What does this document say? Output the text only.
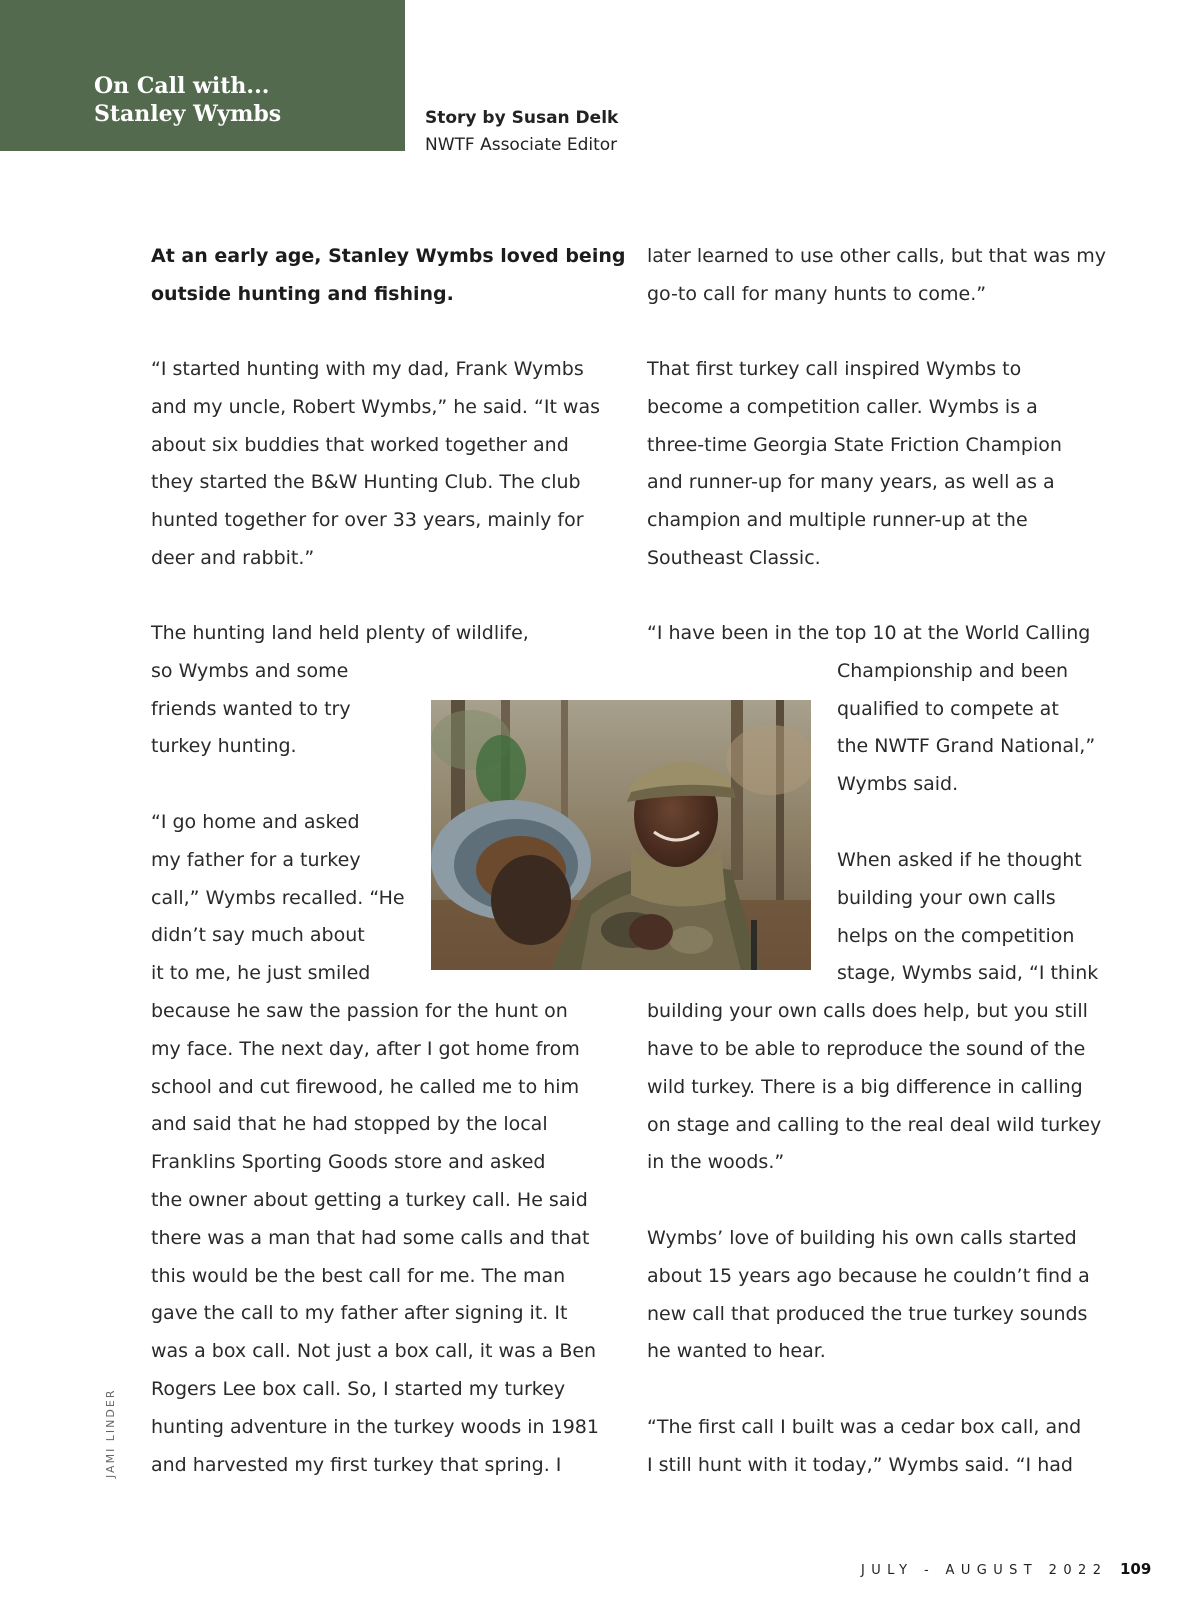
On Call with...
Stanley Wymbs	Story by Susan Delk
NWTF Associate Editor

At an early age, Stanley Wymbs loved being
outside hunting and fishing.

“I started hunting with my dad, Frank Wymbs
and my uncle, Robert Wymbs,” he said. “It was
about six buddies that worked together and
they started the B&W Hunting Club. The club
hunted together for over 33 years, mainly for
deer and rabbit.”

The hunting land held plenty of wildlife,
so Wymbs and some
friends wanted to try
turkey hunting.

“I go home and asked
my father for a turkey
call,” Wymbs recalled. “He
didn’t say much about
it to me, he just smiled
because he saw the passion for the hunt on
my face. The next day, after I got home from
school and cut firewood, he called me to him
and said that he had stopped by the local
Franklins Sporting Goods store and asked
the owner about getting a turkey call. He said
there was a man that had some calls and that
this would be the best call for me. The man
gave the call to my father after signing it. It
was a box call. Not just a box call, it was a Ben
Rogers Lee box call. So, I started my turkey
hunting adventure in the turkey woods in 1981
and harvested my first turkey that spring. I

later learned to use other calls, but that was my
go-to call for many hunts to come.”

That first turkey call inspired Wymbs to
become a competition caller. Wymbs is a
three-time Georgia State Friction Champion
and runner-up for many years, as well as a
champion and multiple runner-up at the
Southeast Classic.

“I have been in the top 10 at the World Calling
Championship and been
qualified to compete at
the NWTF Grand National,”
Wymbs said.

When asked if he thought
building your own calls
helps on the competition
stage, Wymbs said, “I think
building your own calls does help, but you still
have to be able to reproduce the sound of the
wild turkey. There is a big difference in calling
on stage and calling to the real deal wild turkey
in the woods.”

Wymbs’ love of building his own calls started
about 15 years ago because he couldn’t find a
new call that produced the true turkey sounds
he wanted to hear.

“The first call I built was a cedar box call, and
I still hunt with it today,” Wymbs said. “I had

JAMI LINDER
JULY - AUGUST 2022 109
